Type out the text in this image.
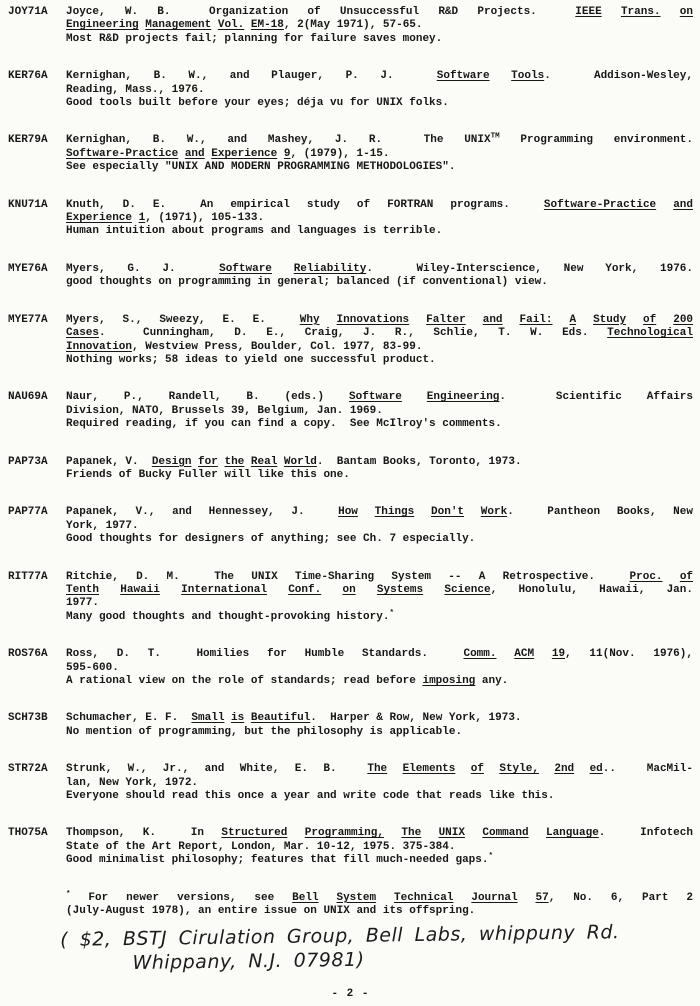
JOY71A	Joyce, W. B.  Organization of Unsuccessful R&D Projects.  IEEE Trans. on
Engineering Management Vol. EM-18, 2(May 1971), 57-65.
Most R&D projects fail; planning for failure saves money.
KER76A	Kernighan, B. W., and Plauger, P. J.  Software Tools.  Addison-Wesley,
Reading, Mass., 1976.
Good tools built before your eyes; déja vu for UNIX folks.
KER79A	Kernighan, B. W., and Mashey, J. R.  The UNIX™ Programming environment.
Software-Practice and Experience 9, (1979), 1-15.
See especially "UNIX AND MODERN PROGRAMMING METHODOLOGIES".
KNU71A	Knuth, D. E.  An empirical study of FORTRAN programs.  Software-Practice and
Experience 1, (1971), 105-133.
Human intuition about programs and languages is terrible.
MYE76A	Myers, G. J.  Software Reliability.  Wiley-Interscience, New York, 1976.
good thoughts on programming in general; balanced (if conventional) view.
MYE77A	Myers, S., Sweezy, E. E.  Why Innovations Falter and Fail: A Study of 200
Cases.  Cunningham, D. E., Craig, J. R., Schlie, T. W. Eds. Technological
Innovation, Westview Press, Boulder, Col. 1977, 83-99.
Nothing works; 58 ideas to yield one successful product.
NAU69A	Naur, P., Randell, B. (eds.) Software Engineering.  Scientific Affairs
Division, NATO, Brussels 39, Belgium, Jan. 1969.
Required reading, if you can find a copy.  See McIlroy's comments.
PAP73A	Papanek, V.  Design for the Real World.  Bantam Books, Toronto, 1973.
Friends of Bucky Fuller will like this one.
PAP77A	Papanek, V., and Hennessey, J.  How Things Don't Work.  Pantheon Books, New
York, 1977.
Good thoughts for designers of anything; see Ch. 7 especially.
RIT77A	Ritchie, D. M.  The UNIX Time-Sharing System -- A Retrospective.  Proc. of
Tenth Hawaii International Conf. on Systems Science, Honolulu, Hawaii, Jan.
1977.
Many good thoughts and thought-provoking history.*
ROS76A	Ross, D. T.  Homilies for Humble Standards.  Comm. ACM 19, 11(Nov. 1976),
595-600.
A rational view on the role of standards; read before imposing any.
SCH73B	Schumacher, E. F.  Small is Beautiful.  Harper & Row, New York, 1973.
No mention of programming, but the philosophy is applicable.
STR72A	Strunk, W., Jr., and White, E. B.  The Elements of Style, 2nd ed..  MacMil-
lan, New York, 1972.
Everyone should read this once a year and write code that reads like this.
THO75A	Thompson, K.  In Structured Programming, The UNIX Command Language.  Infotech
State of the Art Report, London, Mar. 10-12, 1975. 375-384.
Good minimalist philosophy; features that fill much-needed gaps.*
* For newer versions, see Bell System Technical Journal 57, No. 6, Part 2
(July-August 1978), an entire issue on UNIX and its offspring.
( $2, BSTJ Cirulation Group, Bell Labs, whippuny Rd.
Whippany, N.J. 07981)
- 2 -
